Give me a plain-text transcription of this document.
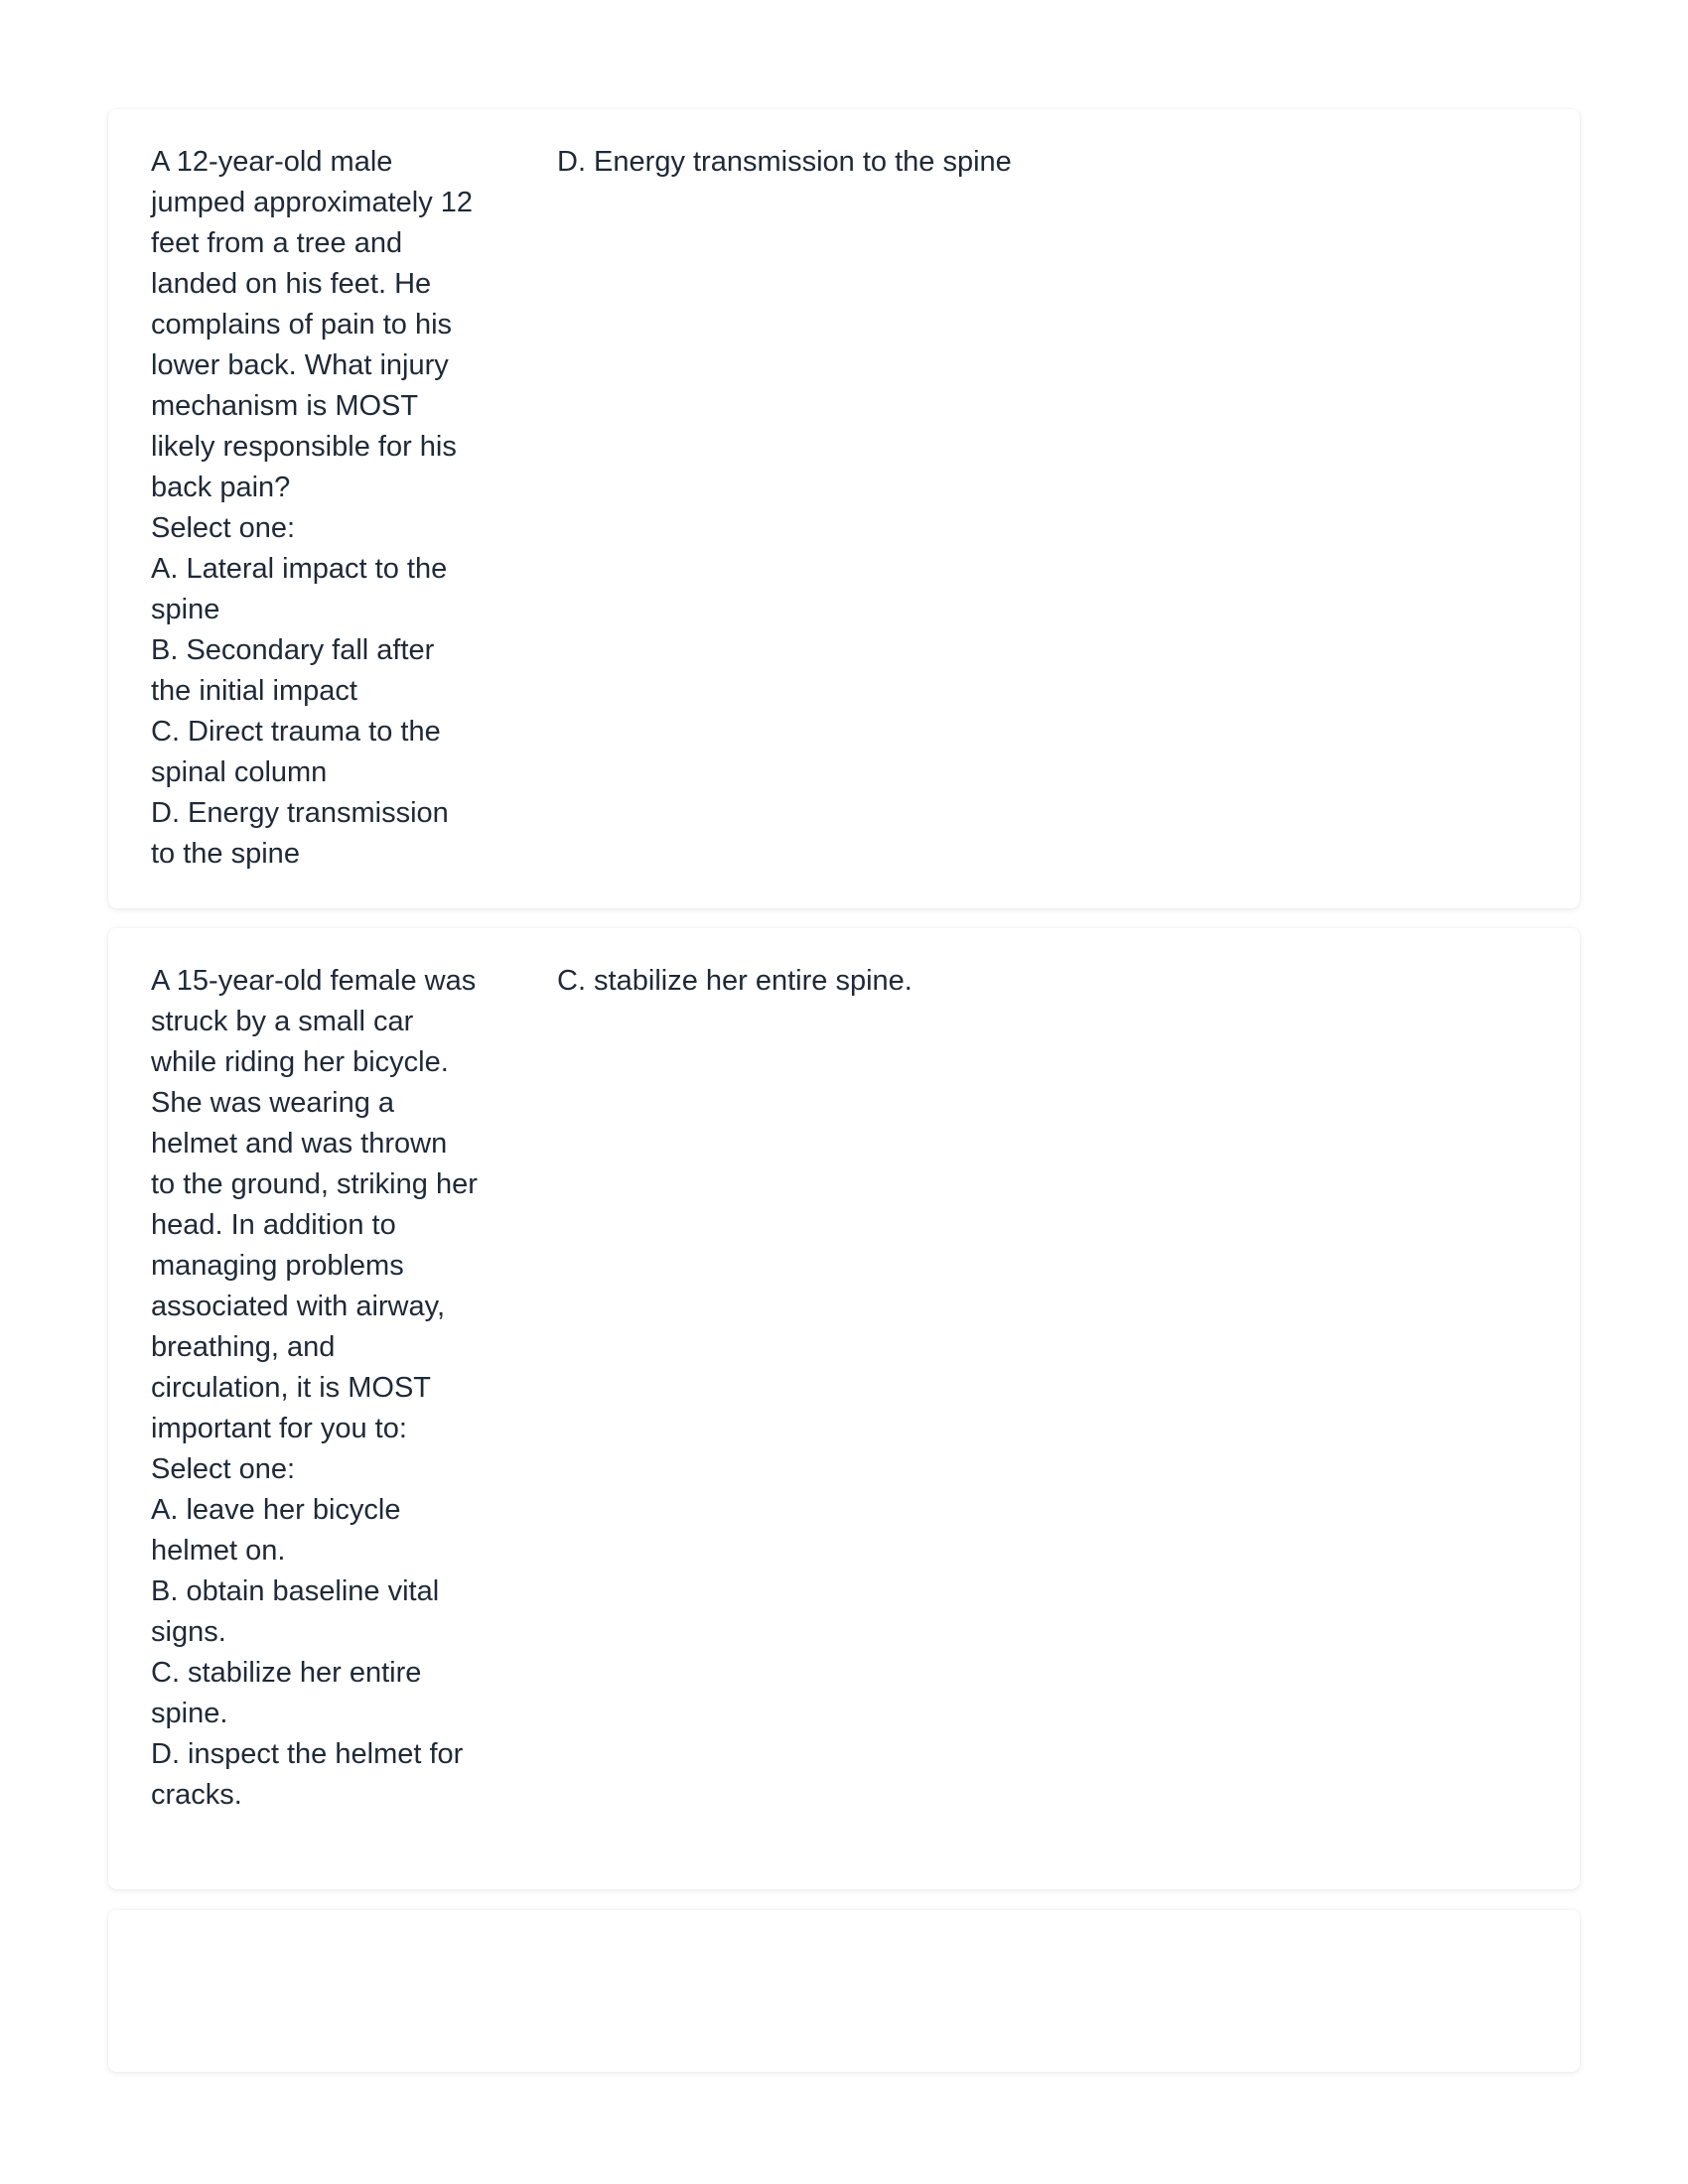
A 12-year-old male jumped approximately 12 feet from a tree and landed on his feet. He complains of pain to his lower back. What injury mechanism is MOST likely responsible for his back pain?

Select one:

A. Lateral impact to the spine

B. Secondary fall after the initial impact

C. Direct trauma to the spinal column

D. Energy transmission to the spine

D. Energy transmission to the spine

A 15-year-old female was struck by a small car while riding her bicycle. She was wearing a helmet and was thrown to the ground, striking her head. In addition to managing problems associated with airway, breathing, and circulation, it is MOST important for you to:

Select one:

A. leave her bicycle helmet on.

B. obtain baseline vital signs.

C. stabilize her entire spine.

D. inspect the helmet for cracks.

C. stabilize her entire spine.
